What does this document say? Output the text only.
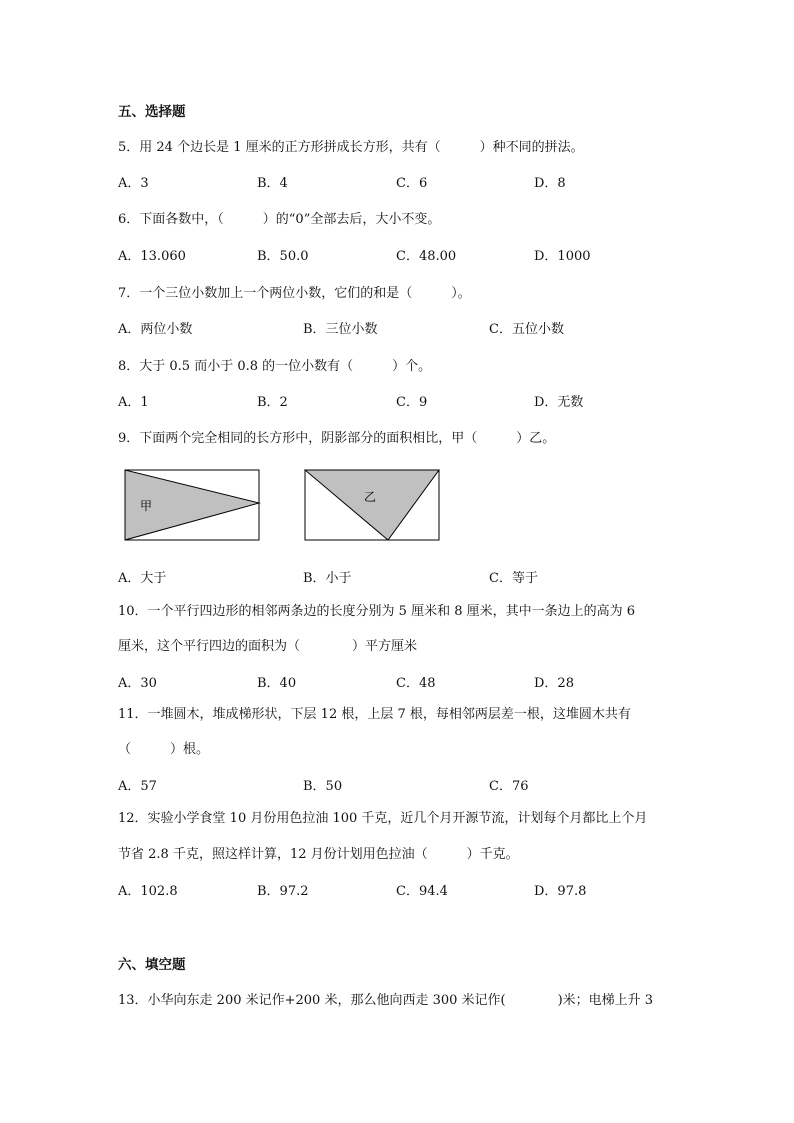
五、选择题
5．用 24 个边长是 1 厘米的正方形拼成长方形，共有（　　　）种不同的拼法。
A．3	B．4	C．6	D．8
6．下面各数中，（　　　）的“0”全部去后，大小不变。
A．13.060	B．50.0	C．48.00	D．1000
7．一个三位小数加上一个两位小数，它们的和是（　　　）。
A．两位小数	B．三位小数	C．五位小数
8．大于 0.5 而小于 0.8 的一位小数有（　　　）个。
A．1	B．2	C．9	D．无数
9．下面两个完全相同的长方形中，阴影部分的面积相比，甲（　　　）乙。
甲
乙
A．大于	B．小于	C．等于
10．一个平行四边形的相邻两条边的长度分别为 5 厘米和 8 厘米，其中一条边上的高为 6
厘米，这个平行四边的面积为（　　　　）平方厘米
A．30	B．40	C．48	D．28
11．一堆圆木，堆成梯形状，下层 12 根，上层 7 根，每相邻两层差一根，这堆圆木共有
（　　　）根。
A．57	B．50	C．76
12．实验小学食堂 10 月份用色拉油 100 千克，近几个月开源节流，计划每个月都比上个月
节省 2.8 千克，照这样计算，12 月份计划用色拉油（　　　）千克。
A．102.8	B．97.2	C．94.4	D．97.8
六、填空题
13．小华向东走 200 米记作+200 米，那么他向西走 300 米记作(　　　　)米；电梯上升 3
